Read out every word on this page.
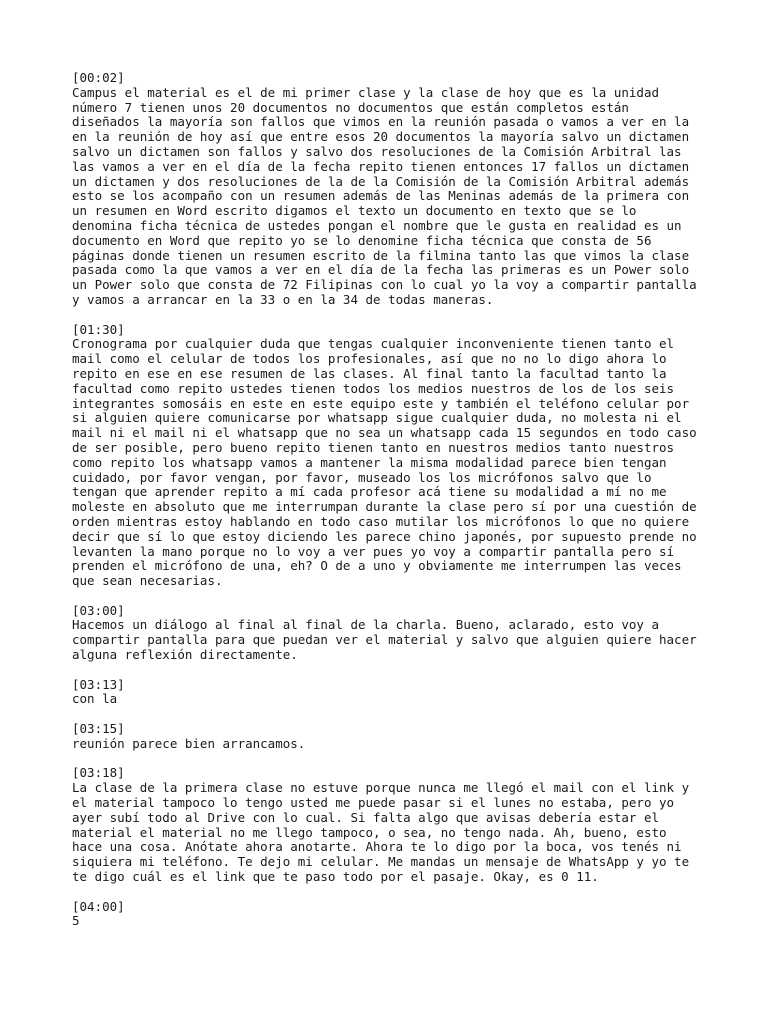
[00:02]
Campus el material es el de mi primer clase y la clase de hoy que es la unidad
número 7 tienen unos 20 documentos no documentos que están completos están
diseñados la mayoría son fallos que vimos en la reunión pasada o vamos a ver en la
en la reunión de hoy así que entre esos 20 documentos la mayoría salvo un dictamen
salvo un dictamen son fallos y salvo dos resoluciones de la Comisión Arbitral las
las vamos a ver en el día de la fecha repito tienen entonces 17 fallos un dictamen
un dictamen y dos resoluciones de la de la Comisión de la Comisión Arbitral además
esto se los acompaño con un resumen además de las Meninas además de la primera con
un resumen en Word escrito digamos el texto un documento en texto que se lo
denomina ficha técnica de ustedes pongan el nombre que le gusta en realidad es un
documento en Word que repito yo se lo denomine ficha técnica que consta de 56
páginas donde tienen un resumen escrito de la filmina tanto las que vimos la clase
pasada como la que vamos a ver en el día de la fecha las primeras es un Power solo
un Power solo que consta de 72 Filipinas con lo cual yo la voy a compartir pantalla
y vamos a arrancar en la 33 o en la 34 de todas maneras.
[01:30]
Cronograma por cualquier duda que tengas cualquier inconveniente tienen tanto el
mail como el celular de todos los profesionales, así que no no lo digo ahora lo
repito en ese en ese resumen de las clases. Al final tanto la facultad tanto la
facultad como repito ustedes tienen todos los medios nuestros de los de los seis
integrantes somosáis en este en este equipo este y también el teléfono celular por
si alguien quiere comunicarse por whatsapp sigue cualquier duda, no molesta ni el
mail ni el mail ni el whatsapp que no sea un whatsapp cada 15 segundos en todo caso
de ser posible, pero bueno repito tienen tanto en nuestros medios tanto nuestros
como repito los whatsapp vamos a mantener la misma modalidad parece bien tengan
cuidado, por favor vengan, por favor, museado los los micrófonos salvo que lo
tengan que aprender repito a mí cada profesor acá tiene su modalidad a mí no me
moleste en absoluto que me interrumpan durante la clase pero sí por una cuestión de
orden mientras estoy hablando en todo caso mutilar los micrófonos lo que no quiere
decir que sí lo que estoy diciendo les parece chino japonés, por supuesto prende no
levanten la mano porque no lo voy a ver pues yo voy a compartir pantalla pero sí
prenden el micrófono de una, eh? O de a uno y obviamente me interrumpen las veces
que sean necesarias.
[03:00]
Hacemos un diálogo al final al final de la charla. Bueno, aclarado, esto voy a
compartir pantalla para que puedan ver el material y salvo que alguien quiere hacer
alguna reflexión directamente.
[03:13]
con la
[03:15]
reunión parece bien arrancamos.
[03:18]
La clase de la primera clase no estuve porque nunca me llegó el mail con el link y
el material tampoco lo tengo usted me puede pasar si el lunes no estaba, pero yo
ayer subí todo al Drive con lo cual. Si falta algo que avisas debería estar el
material el material no me llego tampoco, o sea, no tengo nada. Ah, bueno, esto
hace una cosa. Anótate ahora anotarte. Ahora te lo digo por la boca, vos tenés ni
siquiera mi teléfono. Te dejo mi celular. Me mandas un mensaje de WhatsApp y yo te
te digo cuál es el link que te paso todo por el pasaje. Okay, es 0 11.
[04:00]
5
